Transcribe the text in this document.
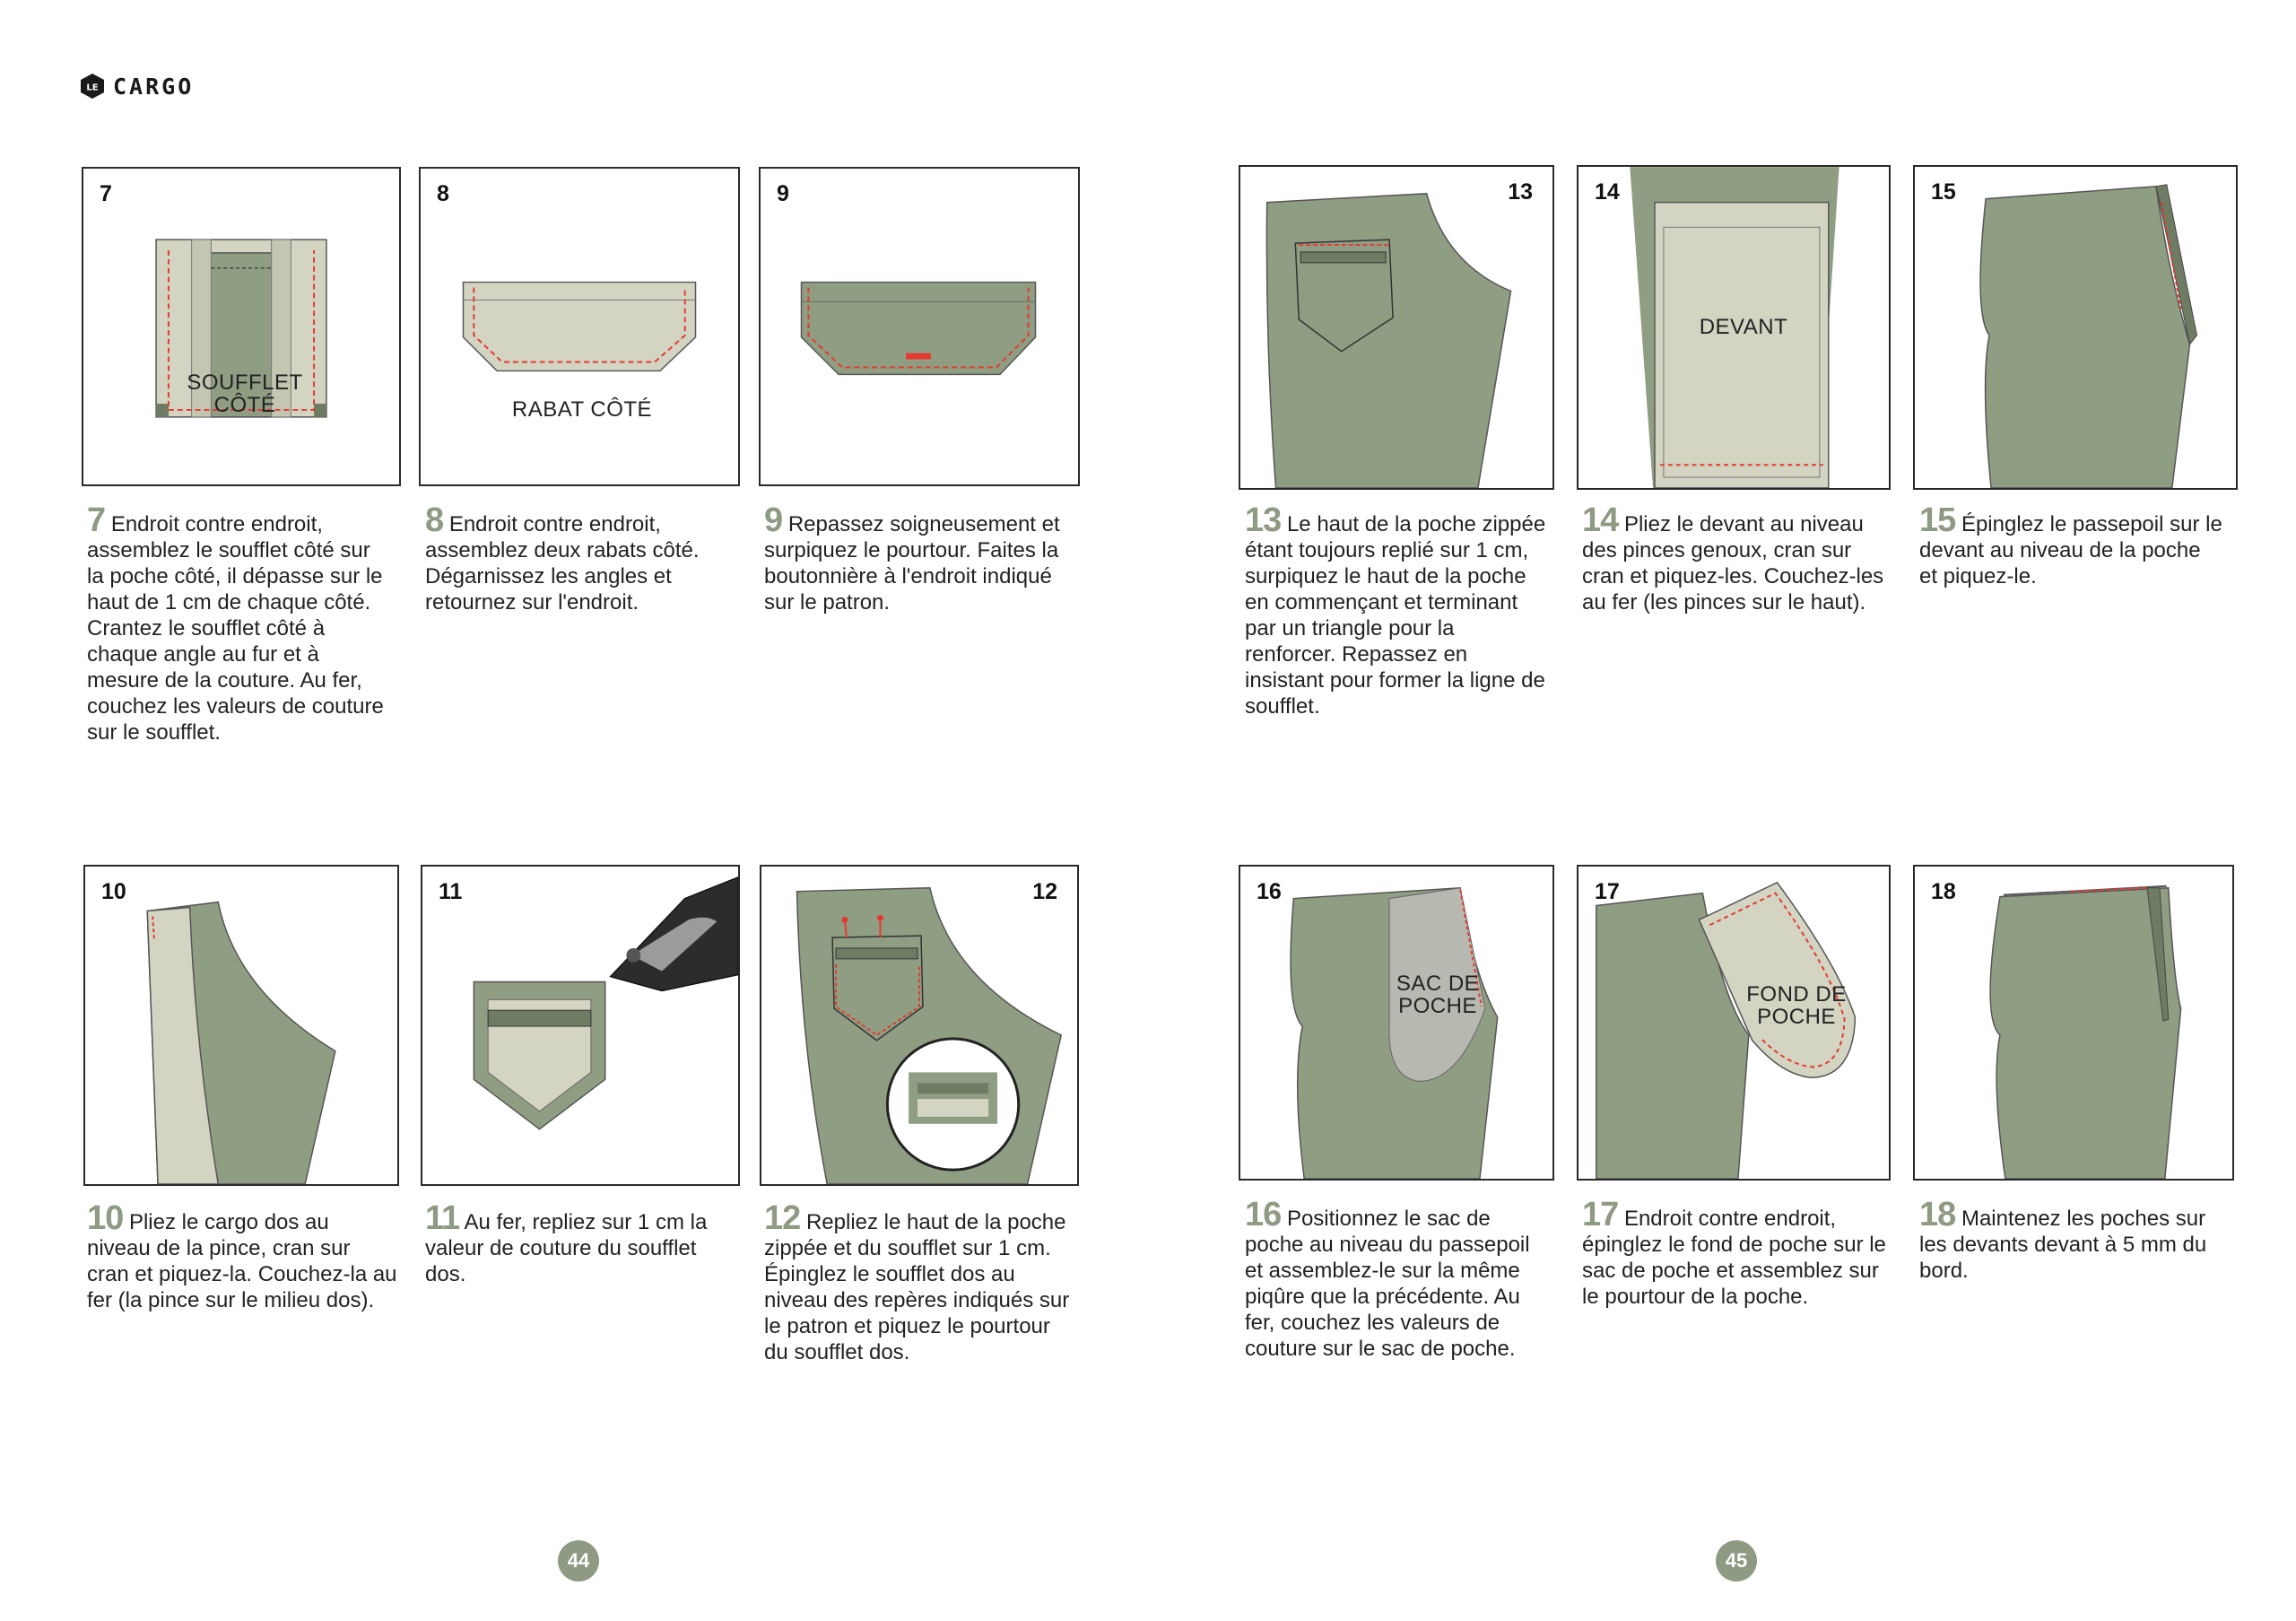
LE CARGO
7
SOUFFLET CÔTÉ
8
RABAT CÔTÉ
9	13	14
DEVANT
15
7 Endroit contre endroit, assemblez le soufflet côté sur la poche côté, il dépasse sur le haut de 1 cm de chaque côté. Crantez le soufflet côté à chaque angle au fur et à mesure de la couture. Au fer, couchez les valeurs de couture sur le soufflet.
8 Endroit contre endroit, assemblez deux rabats côté. Dégarnissez les angles et retournez sur l'endroit.
9 Repassez soigneusement et surpiquez le pourtour. Faites la boutonnière à l'endroit indiqué sur le patron.
13 Le haut de la poche zippée étant toujours replié sur 1 cm, surpiquez le haut de la poche en commençant et terminant par un triangle pour la renforcer. Repassez en insistant pour former la ligne de soufflet.
14 Pliez le devant au niveau des pinces genoux, cran sur cran et piquez-les. Couchez-les au fer (les pinces sur le haut).
15 Épinglez le passepoil sur le devant au niveau de la poche et piquez-le.
10	11	12	16
SAC DE POCHE
17
FOND DE POCHE
18
10 Pliez le cargo dos au niveau de la pince, cran sur cran et piquez-la. Couchez-la au fer (la pince sur le milieu dos).
11 Au fer, repliez sur 1 cm la valeur de couture du soufflet dos.
12 Repliez le haut de la poche zippée et du soufflet sur 1 cm. Épinglez le soufflet dos au niveau des repères indiqués sur le patron et piquez le pourtour du soufflet dos.
16 Positionnez le sac de poche au niveau du passepoil et assemblez-le sur la même piqûre que la précédente. Au fer, couchez les valeurs de couture sur le sac de poche.
17 Endroit contre endroit, épinglez le fond de poche sur le sac de poche et assemblez sur le pourtour de la poche.
18 Maintenez les poches sur les devants devant à 5 mm du bord.
44	45
